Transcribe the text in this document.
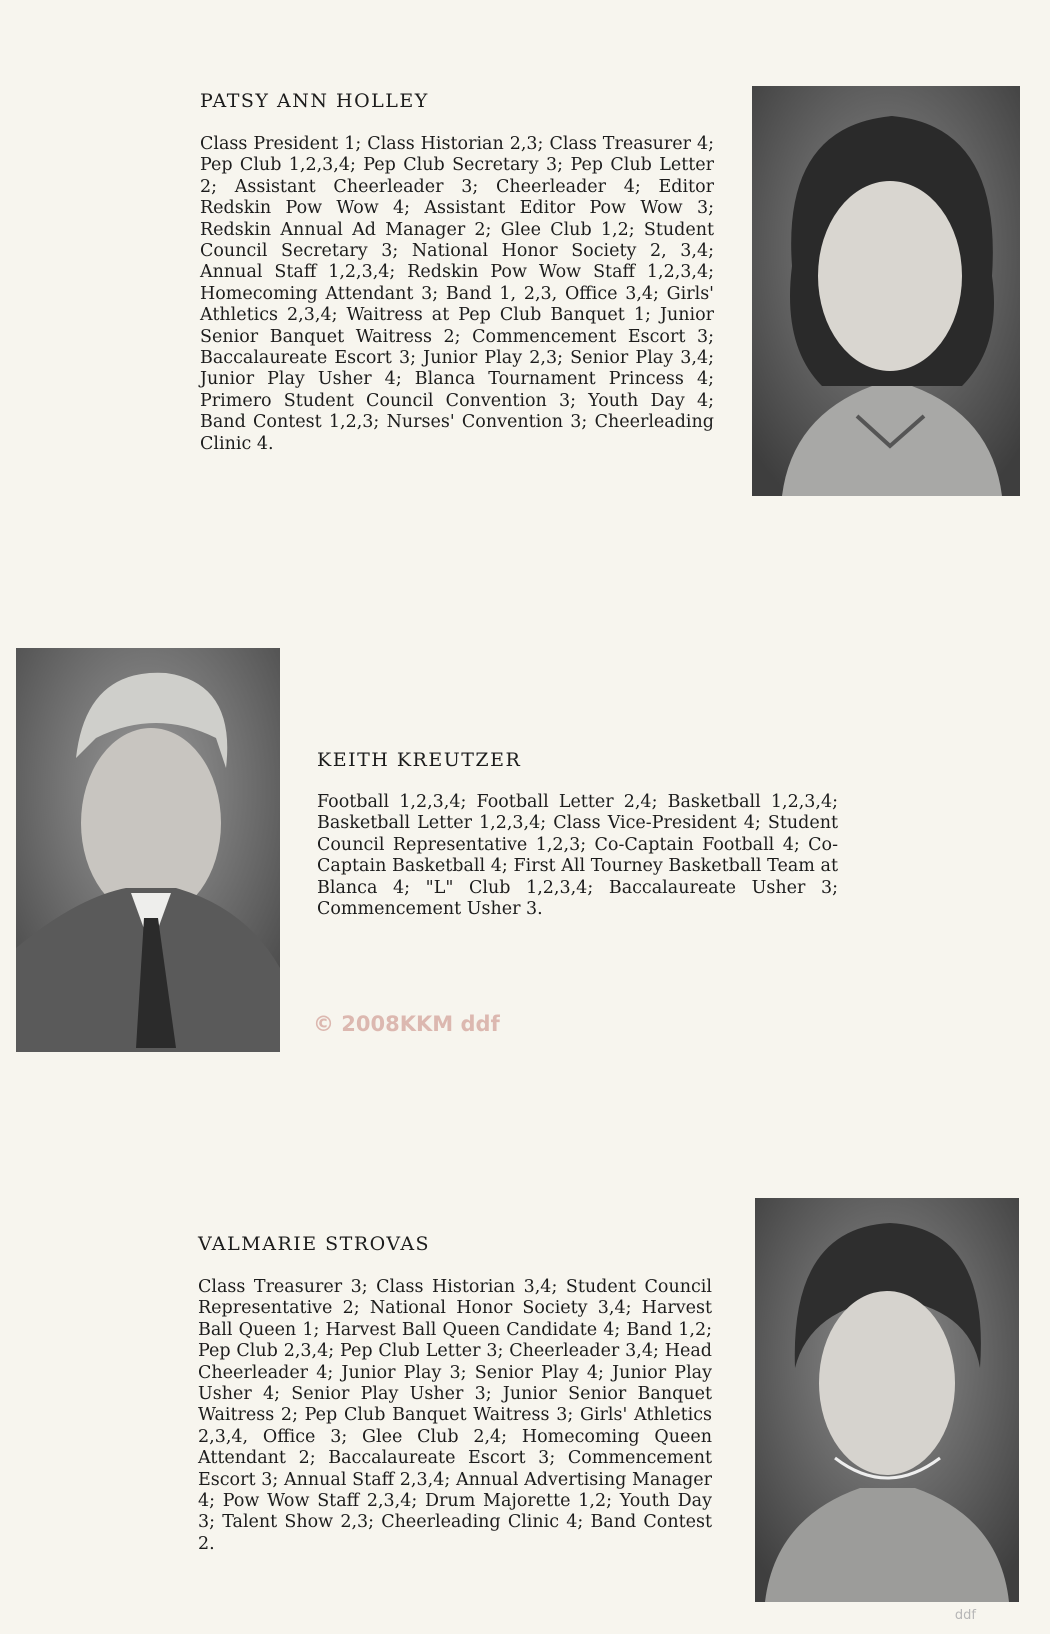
PATSY ANN HOLLEY

Class President 1; Class Historian 2,3; Class Treasurer 4; Pep Club 1,2,3,4; Pep Club Secretary 3; Pep Club Letter 2; Assistant Cheerleader 3; Cheerleader 4; Editor Redskin Pow Wow 4; Assistant Editor Pow Wow 3; Redskin Annual Ad Manager 2; Glee Club 1,2; Student Council Secretary 3; National Honor Society 2, 3,4; Annual Staff 1,2,3,4; Redskin Pow Wow Staff 1,2,3,4; Homecoming Attendant 3; Band 1, 2,3, Office 3,4; Girls' Athletics 2,3,4; Waitress at Pep Club Banquet 1; Junior Senior Banquet Waitress 2; Commencement Escort 3; Baccalaureate Escort 3; Junior Play 2,3; Senior Play 3,4; Junior Play Usher 4; Blanca Tournament Princess 4; Primero Student Council Convention 3; Youth Day 4; Band Contest 1,2,3; Nurses' Convention 3; Cheerleading Clinic 4.

KEITH KREUTZER

Football 1,2,3,4; Football Letter 2,4; Basketball 1,2,3,4; Basketball Letter 1,2,3,4; Class Vice-President 4; Student Council Representative 1,2,3; Co-Captain Football 4; Co-Captain Basketball 4; First All Tourney Basketball Team at Blanca 4; "L" Club 1,2,3,4; Baccalaureate Usher 3; Commencement Usher 3.

© 2008KKM ddf
VALMARIE STROVAS

Class Treasurer 3; Class Historian 3,4; Student Council Representative 2; National Honor Society 3,4; Harvest Ball Queen 1; Harvest Ball Queen Candidate 4; Band 1,2; Pep Club 2,3,4; Pep Club Letter 3; Cheerleader 3,4; Head Cheerleader 4; Junior Play 3; Senior Play 4; Junior Play Usher 4; Senior Play Usher 3; Junior Senior Banquet Waitress 2; Pep Club Banquet Waitress 3; Girls' Athletics 2,3,4, Office 3; Glee Club 2,4; Homecoming Queen Attendant 2; Baccalaureate Escort 3; Commencement Escort 3; Annual Staff 2,3,4; Annual Advertising Manager 4; Pow Wow Staff 2,3,4; Drum Majorette 1,2; Youth Day 3; Talent Show 2,3; Cheerleading Clinic 4; Band Contest 2.

ddf
